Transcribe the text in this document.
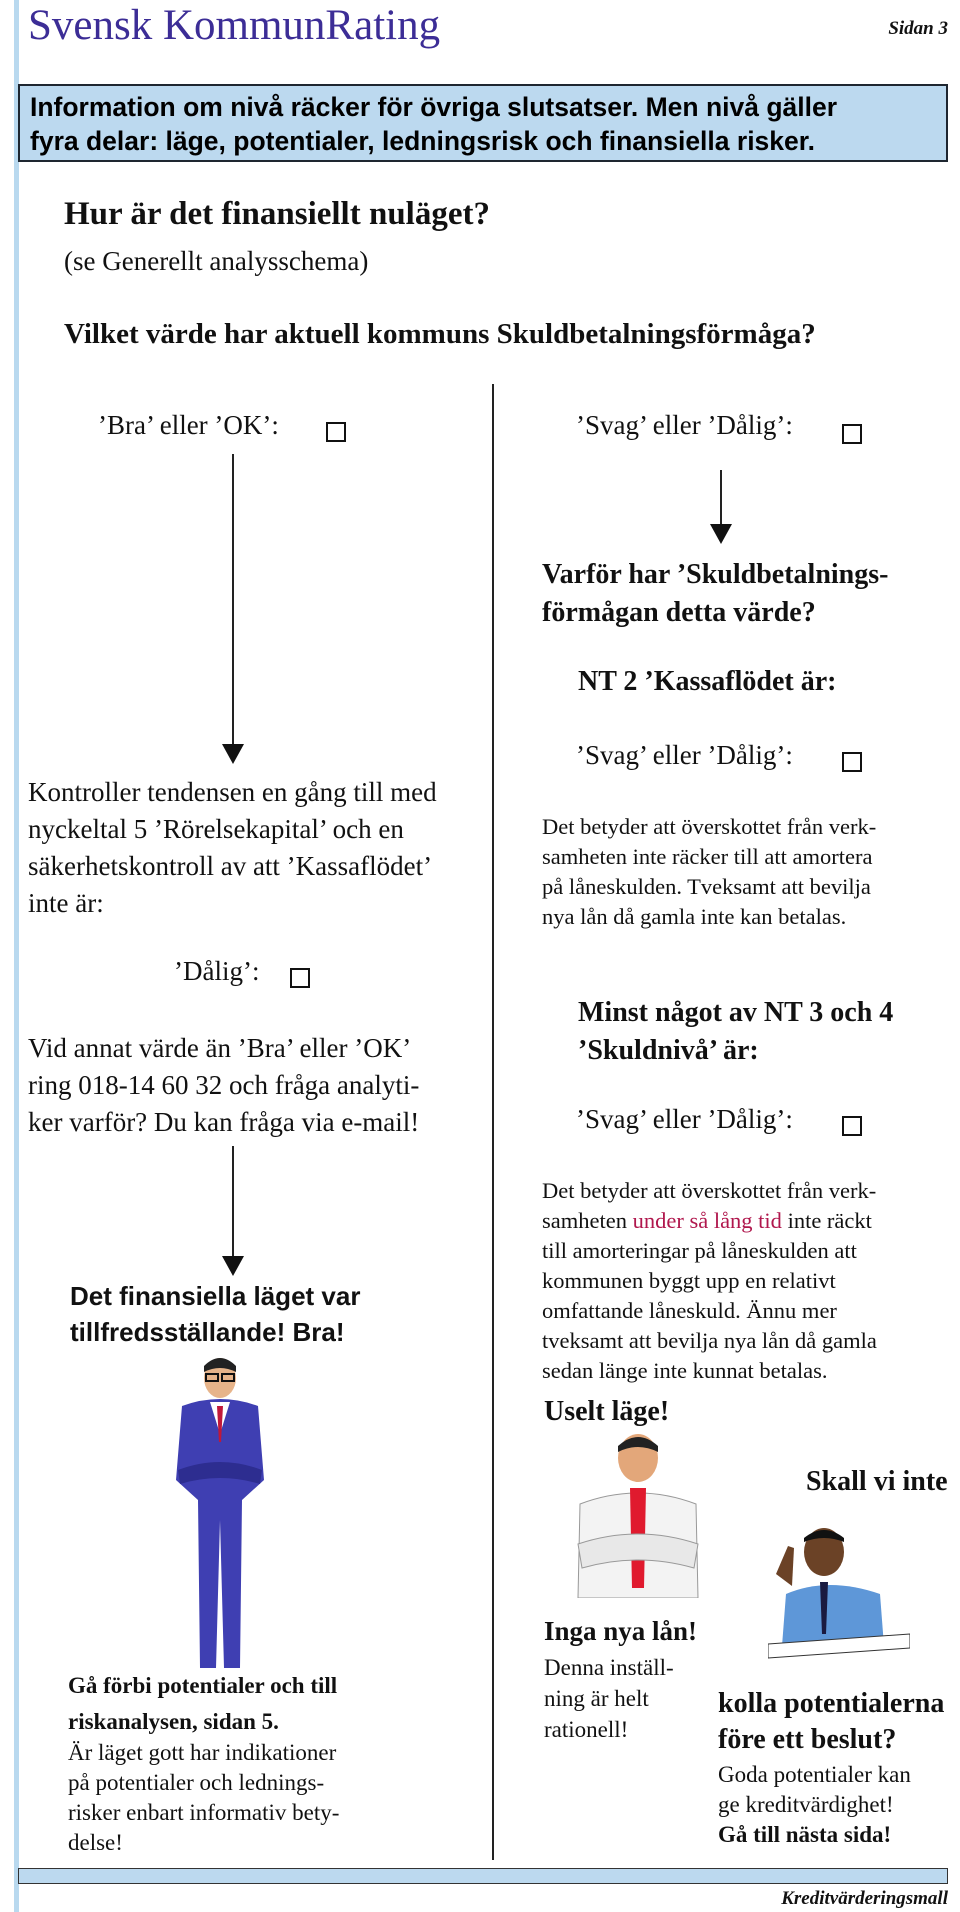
Svensk KommunRating	Sidan 3
Information om nivå räcker för övriga slutsatser. Men nivå gäller
fyra delar: läge, potentialer, ledningsrisk och finansiella risker.
Hur är det finansiellt nuläget?
(se Generellt analysschema)
Vilket värde har aktuell kommuns Skuldbetalningsförmåga?
’Bra’ eller ’OK’:

Kontroller tendensen en gång till med

nyckeltal 5 ’Rörelsekapital’ och en

säkerhetskontroll av att ’Kassaflödet’

inte är:

’Dålig’:

Vid annat värde än ’Bra’ eller ’OK’

ring 018-14 60 32 och fråga analyti-

ker varför? Du kan fråga via e-mail!

Det finansiella läget var

tillfredsställande! Bra!

Gå förbi potentialer och till

riskanalysen, sidan 5.

Är läget gott har indikationer

på potentialer och lednings-

risker enbart informativ bety-

delse!

’Svag’ eller ’Dålig’:

Varför har ’Skuldbetalnings-

förmågan detta värde?

NT 2 ’Kassaflödet är:
’Svag’ eller ’Dålig’:

Det betyder att överskottet från verk-

samheten inte räcker till att amortera

på låneskulden. Tveksamt att bevilja

nya lån då gamla inte kan betalas.

Minst något av NT 3 och 4

’Skuldnivå’ är:

’Svag’ eller ’Dålig’:

Det betyder att överskottet från verk-

samheten under så lång tid inte räckt

till amorteringar på låneskulden att

kommunen byggt upp en relativt

omfattande låneskuld. Ännu mer

tveksamt att bevilja nya lån då gamla

sedan länge inte kunnat betalas.

Uselt läge!
Skall vi inte
Inga nya lån!

Denna inställ-

ning är helt

rationell!

kolla potentialerna

före ett beslut?

Goda potentialer kan

ge kreditvärdighet!

Gå till nästa sida!
Kreditvärderingsmall
